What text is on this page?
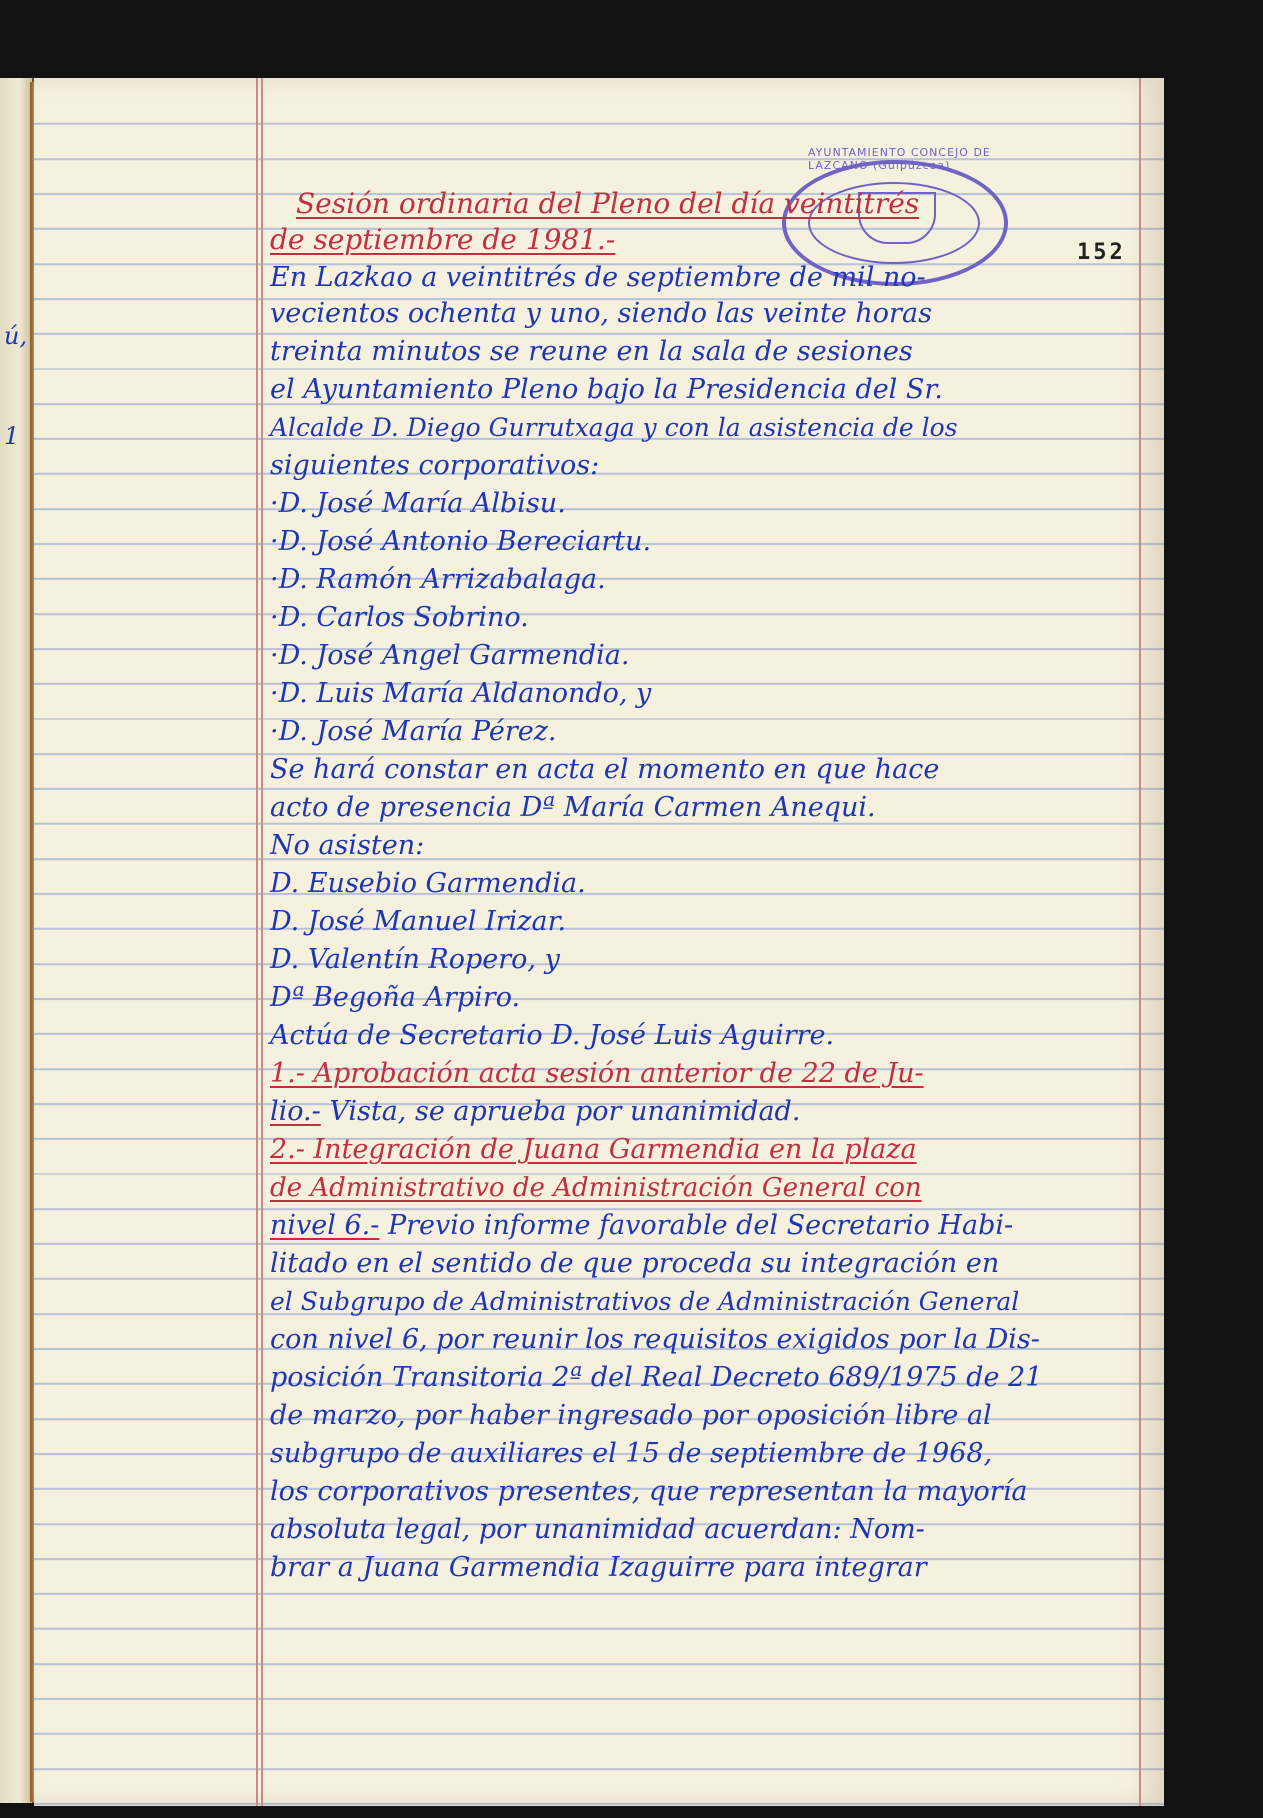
ú,
1
AYUNTAMIENTO CONCEJO DE LAZCANO (Guipúzcoa)
152

Sesión ordinaria del Pleno del día veintitrés
de septiembre de 1981.-
En Lazkao a veintitrés de septiembre de mil no-
vecientos ochenta y uno, siendo las veinte horas
treinta minutos se reune en la sala de sesiones
el Ayuntamiento Pleno bajo la Presidencia del Sr.
Alcalde D. Diego Gurrutxaga y con la asistencia de los
siguientes corporativos:
·D. José María Albisu.
·D. José Antonio Bereciartu.
·D. Ramón Arrizabalaga.
·D. Carlos Sobrino.
·D. José Angel Garmendia.
·D. Luis María Aldanondo, y
·D. José María Pérez.
Se hará constar en acta el momento en que hace
acto de presencia Dª María Carmen Anequi.
No asisten:
D. Eusebio Garmendia.
D. José Manuel Irizar.
D. Valentín Ropero, y
Dª Begoña Arpiro.
Actúa de Secretario D. José Luis Aguirre.
1.- Aprobación acta sesión anterior de 22 de Ju-
lio.- Vista, se aprueba por unanimidad.
2.- Integración de Juana Garmendia en la plaza
de Administrativo de Administración General con
nivel 6.- Previo informe favorable del Secretario Habi-
litado en el sentido de que proceda su integración en
el Subgrupo de Administrativos de Administración General
con nivel 6, por reunir los requisitos exigidos por la Dis-
posición Transitoria 2ª del Real Decreto 689/1975 de 21
de marzo, por haber ingresado por oposición libre al
subgrupo de auxiliares el 15 de septiembre de 1968,
los corporativos presentes, que representan la mayoría
absoluta legal, por unanimidad acuerdan: Nom-
brar a Juana Garmendia Izaguirre para integrar
